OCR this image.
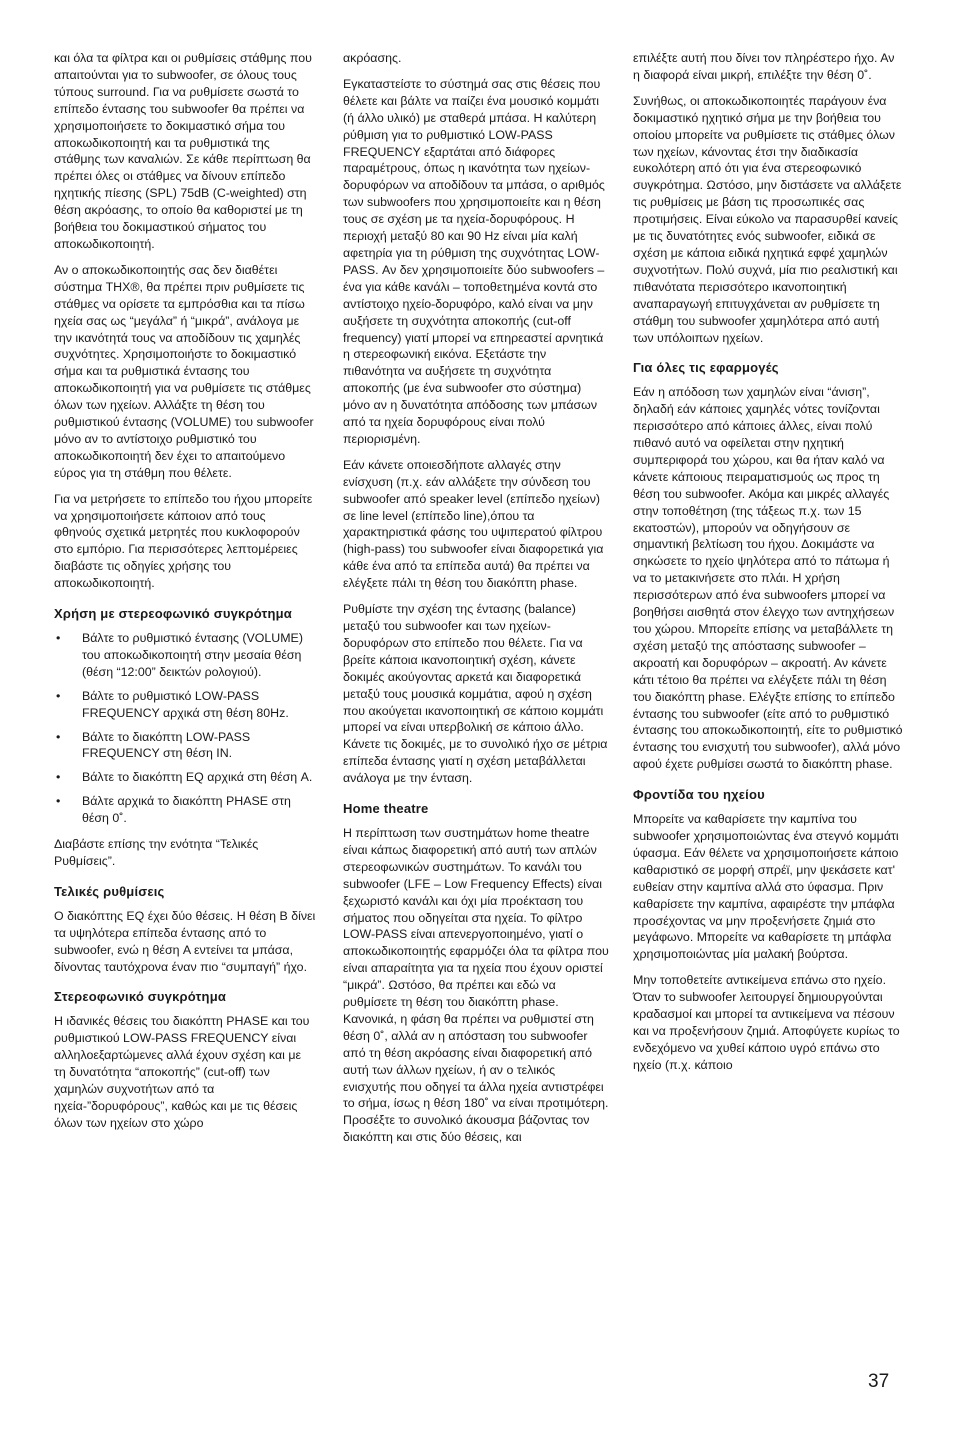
και όλα τα φίλτρα και οι ρυθμίσεις στάθμης που απαιτούνται για το subwoofer, σε όλους τους τύπους surround. Για να ρυθμίσετε σωστά το επίπεδο έντασης του subwoofer θα πρέπει να χρησιμοποιήσετε το δοκιμαστικό σήμα του αποκωδικοποιητή και τα ρυθμιστικά της στάθμης των καναλιών. Σε κάθε περίπτωση θα πρέπει όλες οι στάθμες να δίνουν επίπεδο ηχητικής πίεσης (SPL) 75dB (C-weighted) στη θέση ακρόασης, το οποίο θα καθοριστεί με τη βοήθεια του δοκιμαστικού σήματος του αποκωδικοποιητή.

Αν ο αποκωδικοποιητής σας δεν διαθέτει σύστημα THX®, θα πρέπει πριν ρυθμίσετε τις στάθμες να ορίσετε τα εμπρόσθια και τα πίσω ηχεία σας ως “μεγάλα” ή “μικρά”, ανάλογα με την ικανότητά τους να αποδίδουν τις χαμηλές συχνότητες. Χρησιμοποιήστε το δοκιμαστικό σήμα και τα ρυθμιστικά έντασης του αποκωδικοποιητή για να ρυθμίσετε τις στάθμες όλων των ηχείων. Αλλάξτε τη θέση του ρυθμιστικού έντασης (VOLUME) του subwoofer μόνο αν το αντίστοιχο ρυθμιστικό του αποκωδικοποιητή δεν έχει το απαιτούμενο εύρος για τη στάθμη που θέλετε.

Για να μετρήσετε το επίπεδο του ήχου μπορείτε να χρησιμοποιήσετε κάποιον από τους φθηνούς σχετικά μετρητές που κυκλοφορούν στο εμπόριο. Για περισσότερες λεπτομέρειες διαβάστε τις οδηγίες χρήσης του αποκωδικοποιητή.

Χρήση με στερεοφωνικό συγκρότημα
• Βάλτε το ρυθμιστικό έντασης (VOLUME) του αποκωδικοποιητή στην μεσαία θέση (θέση “12:00” δεικτών ρολογιού).
• Βάλτε το ρυθμιστικό LOW-PASS FREQUENCY αρχικά στη θέση 80Hz.
• Βάλτε το διακόπτη LOW-PASS FREQUENCY στη θέση IN.
• Βάλτε το διακόπτη EQ αρχικά στη θέση A.
• Βάλτε αρχικά το διακόπτη PHASE στη θέση 0˚.

Διαβάστε επίσης την ενότητα “Τελικές Ρυθμίσεις”.

Τελικές ρυθμίσεις

Ο διακόπτης EQ έχει δύο θέσεις. Η θέση B δίνει τα υψηλότερα επίπεδα έντασης από το subwoofer, ενώ η θέση A εντείνει τα μπάσα, δίνοντας ταυτόχρονα έναν πιο “συμπαγή” ήχο.

Στερεοφωνικό συγκρότημα

Η ιδανικές θέσεις του διακόπτη PHASE και του ρυθμιστικού LOW-PASS FREQUENCY είναι αλληλοεξαρτώμενες αλλά έχουν σχέση και με τη δυνατότητα “αποκοπής” (cut-off) των χαμηλών συχνοτήτων από τα ηχεία-”δορυφόρους”, καθώς και με τις θέσεις όλων των ηχείων στο χώρο

ακρόασης.

Εγκαταστείστε το σύστημά σας στις θέσεις που θέλετε και βάλτε να παίζει ένα μουσικό κομμάτι (ή άλλο υλικό) με σταθερά μπάσα. Η καλύτερη ρύθμιση για το ρυθμιστικό LOW-PASS FREQUENCY εξαρτάται από διάφορες παραμέτρους, όπως η ικανότητα των ηχείων-δορυφόρων να αποδίδουν τα μπάσα, ο αριθμός των subwoofers που χρησιμοποιείτε και η θέση τους σε σχέση με τα ηχεία-δορυφόρους. Η περιοχή μεταξύ 80 και 90 Hz είναι μία καλή αφετηρία για τη ρύθμιση της συχνότητας LOW-PASS. Αν δεν χρησιμοποιείτε δύο subwoofers – ένα για κάθε κανάλι – τοποθετημένα κοντά στο αντίστοιχο ηχείο-δορυφόρο, καλό είναι να μην αυξήσετε τη συχνότητα αποκοπής (cut-off frequency) γιατί μπορεί να επηρεαστεί αρνητικά η στερεοφωνική εικόνα. Εξετάστε την πιθανότητα να αυξήσετε τη συχνότητα αποκοπής (με ένα subwoofer στο σύστημα) μόνο αν η δυνατότητα απόδοσης των μπάσων από τα ηχεία δορυφόρους είναι πολύ περιορισμένη.

Εάν κάνετε οποιεσδήποτε αλλαγές στην ενίσχυση (π.χ. εάν αλλάξετε την σύνδεση του subwoofer από speaker level (επίπεδο ηχείων) σε line level (επίπεδο line),όπου τα χαρακτηριστικά φάσης του υψιπερατού φίλτρου (high-pass) του subwoofer είναι διαφορετικά για κάθε ένα από τα επίπεδα αυτά) θα πρέπει να ελέγξετε πάλι τη θέση του διακόπτη phase.

Ρυθμίστε την σχέση της έντασης (balance) μεταξύ του subwoofer και των ηχείων-δορυφόρων στο επίπεδο που θέλετε. Για να βρείτε κάποια ικανοποιητική σχέση, κάνετε δοκιμές ακούγοντας αρκετά και διαφορετικά μεταξύ τους μουσικά κομμάτια, αφού η σχέση που ακούγεται ικανοποιητική σε κάποιο κομμάτι μπορεί να είναι υπερβολική σε κάποιο άλλο. Κάνετε τις δοκιμές, με το συνολικό ήχο σε μέτρια επίπεδα έντασης γιατί η σχέση μεταβάλλεται ανάλογα με την ένταση.

Home theatre

Η περίπτωση των συστημάτων home theatre είναι κάπως διαφορετική από αυτή των απλών στερεοφωνικών συστημάτων. Το κανάλι του subwoofer (LFE – Low Frequency Effects) είναι ξεχωριστό κανάλι και όχι μία προέκταση του σήματος που οδηγείται στα ηχεία. Το φίλτρο LOW-PASS είναι απενεργοποιημένο, γιατί ο αποκωδικοποιητής εφαρμόζει όλα τα φίλτρα που είναι απαραίτητα για τα ηχεία που έχουν οριστεί “μικρά”. Ωστόσο, θα πρέπει και εδώ να ρυθμίσετε τη θέση του διακόπτη phase. Κανονικά, η φάση θα πρέπει να ρυθμιστεί στη θέση 0˚, αλλά αν η απόσταση του subwoofer από τη θέση ακρόασης είναι διαφορετική από αυτή των άλλων ηχείων, ή αν ο τελικός ενισχυτής που οδηγεί τα άλλα ηχεία αντιστρέφει το σήμα, ίσως η θέση 180˚ να είναι προτιμότερη. Προσέξτε το συνολικό άκουσμα βάζοντας τον διακόπτη και στις δύο θέσεις, και

επιλέξτε αυτή που δίνει τον πληρέστερο ήχο. Αν η διαφορά είναι μικρή, επιλέξτε την θέση 0˚.

Συνήθως, οι αποκωδικοποιητές παράγουν ένα δοκιμαστικό ηχητικό σήμα με την βοήθεια του οποίου μπορείτε να ρυθμίσετε τις στάθμες όλων των ηχείων, κάνοντας έτσι την διαδικασία ευκολότερη από ότι για ένα στερεοφωνικό συγκρότημα. Ωστόσο, μην διστάσετε να αλλάξετε τις ρυθμίσεις με βάση τις προσωπικές σας προτιμήσεις. Είναι εύκολο να παρασυρθεί κανείς με τις δυνατότητες ενός subwoofer, ειδικά σε σχέση με κάποια ειδικά ηχητικά εφφέ χαμηλών συχνοτήτων. Πολύ συχνά, μία πιο ρεαλιστική και πιθανότατα περισσότερο ικανοποιητική αναπαραγωγή επιτυγχάνεται αν ρυθμίσετε τη στάθμη του subwoofer χαμηλότερα από αυτή των υπόλοιπων ηχείων.

Για όλες τις εφαρμογές

Εάν η απόδοση των χαμηλών είναι “άνιση”, δηλαδή εάν κάποιες χαμηλές νότες τονίζονται περισσότερο από κάποιες άλλες, είναι πολύ πιθανό αυτό να οφείλεται στην ηχητική συμπεριφορά του χώρου, και θα ήταν καλό να κάνετε κάποιους πειραματισμούς ως προς τη θέση του subwoofer. Ακόμα και μικρές αλλαγές στην τοποθέτηση (της τάξεως π.χ. των 15 εκατοστών), μπορούν να οδηγήσουν σε σημαντική βελτίωση του ήχου. Δοκιμάστε να σηκώσετε το ηχείο ψηλότερα από το πάτωμα ή να το μετακινήσετε στο πλάι. Η χρήση περισσότερων από ένα subwoofers μπορεί να βοηθήσει αισθητά στον έλεγχο των αντηχήσεων του χώρου. Μπορείτε επίσης να μεταβάλλετε τη σχέση μεταξύ της απόστασης subwoofer – ακροατή και δορυφόρων – ακροατή. Αν κάνετε κάτι τέτοιο θα πρέπει να ελέγξετε πάλι τη θέση του διακόπτη phase. Ελέγξτε επίσης το επίπεδο έντασης του subwoofer (είτε από το ρυθμιστικό έντασης του αποκωδικοποιητή, είτε το ρυθμιστικό έντασης του ενισχυτή του subwoofer), αλλά μόνο αφού έχετε ρυθμίσει σωστά το διακόπτη phase.

Φροντίδα του ηχείου

Μπορείτε να καθαρίσετε την καμπίνα του subwoofer χρησιμοποιώντας ένα στεγνό κομμάτι ύφασμα. Εάν θέλετε να χρησιμοποιήσετε κάποιο καθαριστικό σε μορφή σπρέϊ, μην ψεκάσετε κατ' ευθείαν στην καμπίνα αλλά στο ύφασμα. Πριν καθαρίσετε την καμπίνα, αφαιρέστε την μπάφλα προσέχοντας να μην προξενήσετε ζημιά στο μεγάφωνο. Μπορείτε να καθαρίσετε τη μπάφλα χρησιμοποιώντας μία μαλακή βούρτσα.

Μην τοποθετείτε αντικείμενα επάνω στο ηχείο. Όταν το subwoofer λειτουργεί δημιουργούνται κραδασμοί και μπορεί τα αντικείμενα να πέσουν και να προξενήσουν ζημιά. Αποφύγετε κυρίως το ενδεχόμενο να χυθεί κάποιο υγρό επάνω στο ηχείο (π.χ. κάποιο

37
